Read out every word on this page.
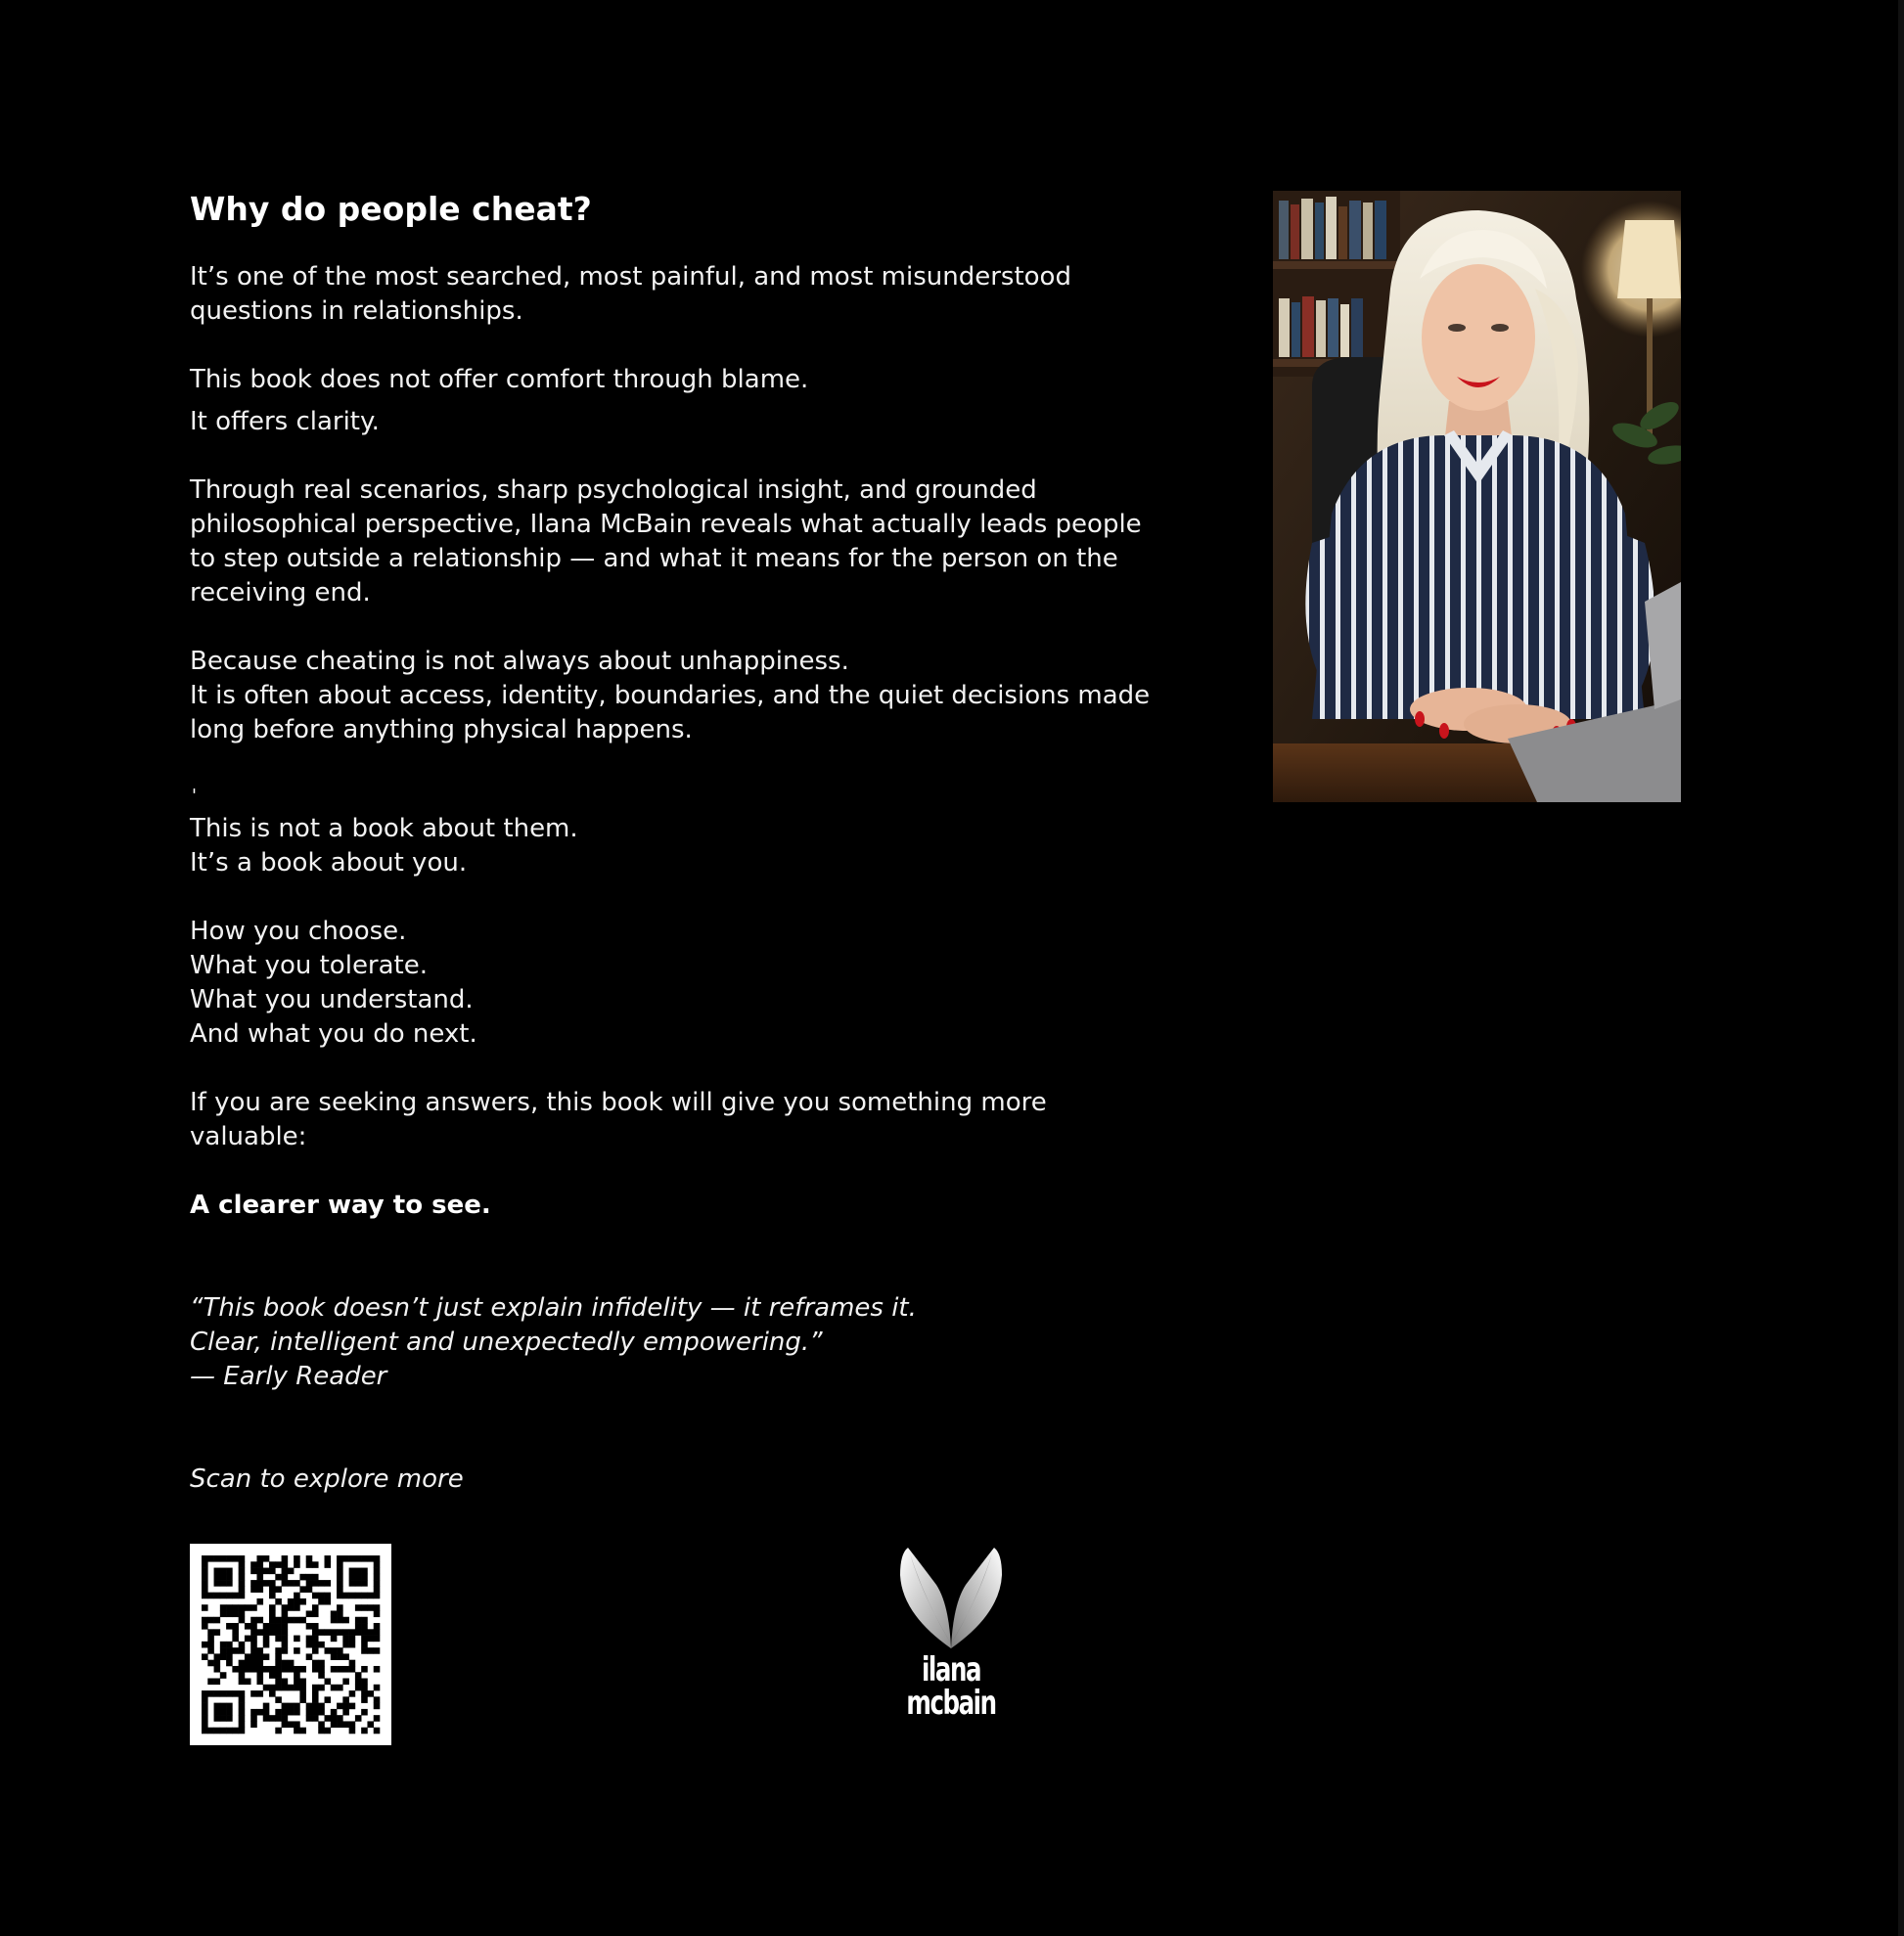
Why do people cheat?
It’s one of the most searched, most painful, and most misunderstood
questions in relationships.
This book does not offer comfort through blame.
It offers clarity.
Through real scenarios, sharp psychological insight, and grounded
philosophical perspective, Ilana McBain reveals what actually leads people
to step outside a relationship — and what it means for the person on the
receiving end.
Because cheating is not always about unhappiness.
It is often about access, identity, boundaries, and the quiet decisions made
long before anything physical happens.
'
This is not a book about them.
It’s a book about you.
How you choose.
What you tolerate.
What you understand.
And what you do next.
If you are seeking answers, this book will give you something more
valuable:
A clearer way to see.
“This book doesn’t just explain infidelity — it reframes it.
Clear, intelligent and unexpectedly empowering.”
— Early Reader
Scan to explore more
ilana
mcbain
